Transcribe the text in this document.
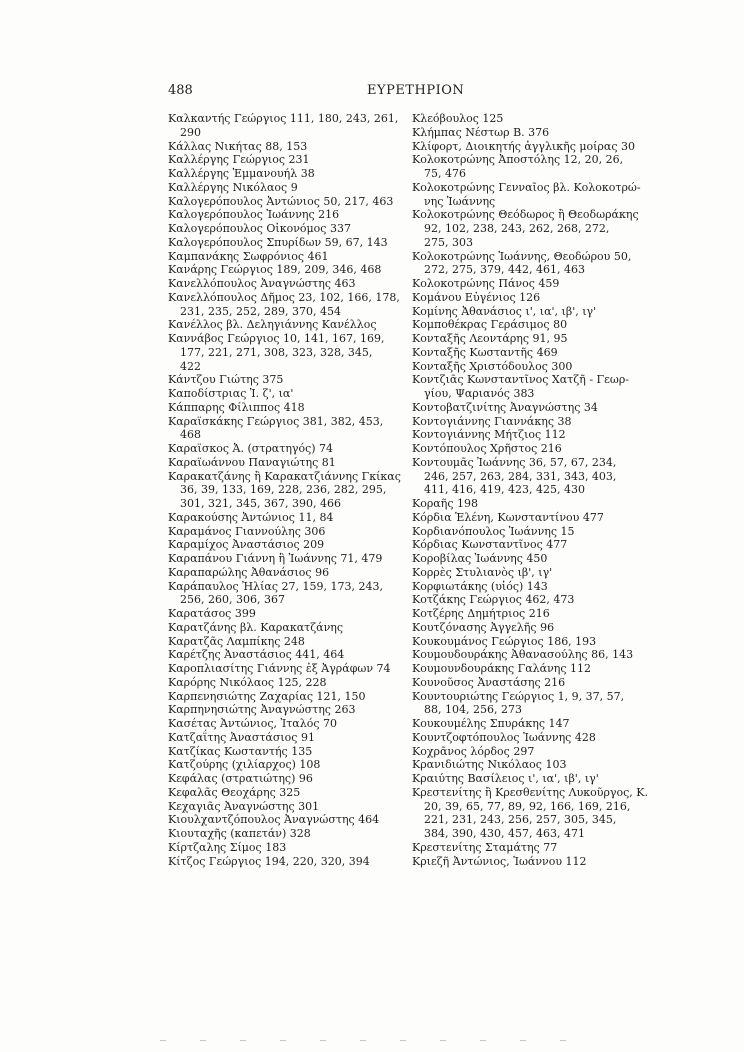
488	ΕΥΡΕΤΗΡΙΟΝ
Καλκαντής Γεώργιος 111, 180, 243, 261,
290
Κάλλας Νικήτας 88, 153
Καλλέργης Γεώργιος 231
Καλλέργης Ἐμμανουήλ 38
Καλλέργης Νικόλαος 9
Καλογερόπουλος Ἀντώνιος 50, 217, 463
Καλογερόπουλος Ἰωάννης 216
Καλογερόπουλος Οἰκονόμος 337
Καλογερόπουλος Σπυρίδων 59, 67, 143
Καμπανάκης Σωφρόνιος 461
Κανάρης Γεώργιος 189, 209, 346, 468
Κανελλόπουλος Ἀναγνώστης 463
Κανελλόπουλος Δῆμος 23, 102, 166, 178,
231, 235, 252, 289, 370, 454
Κανέλλος βλ. Δεληγιάννης Κανέλλος
Καννάβος Γεώργιος 10, 141, 167, 169,
177, 221, 271, 308, 323, 328, 345,
422
Κάντζου Γιώτης 375
Καποδίστριας Ἰ. ζ', ια'
Κάππαρης Φίλιππος 418
Καραϊσκάκης Γεώργιος 381, 382, 453,
468
Καραϊσκος Ἀ. (στρατηγός) 74
Καραϊωάννου Παναγιώτης 81
Καρακατζάνης ἢ Καρακατζιάννης Γκίκας
36, 39, 133, 169, 228, 236, 282, 295,
301, 321, 345, 367, 390, 466
Καρακούσης Ἀντώνιος 11, 84
Καραμάνος Γιαννούλης 306
Καραμίχος Ἀναστάσιος 209
Καραπάνου Γιάννη ἢ Ἰωάννης 71, 479
Καραπαρώλης Ἀθανάσιος 96
Καράπαυλος Ἠλίας 27, 159, 173, 243,
256, 260, 306, 367
Καρατάσος 399
Καρατζάνης βλ. Καρακατζάνης
Καρατζᾶς Λαμπίκης 248
Καρέτζης Ἀναστάσιος 441, 464
Καροπλιασίτης Γιάννης ἐξ Ἀγράφων 74
Καρόρης Νικόλαος 125, 228
Καρπενησιώτης Ζαχαρίας 121, 150
Καρπηνησιώτης Ἀναγνώστης 263
Κασέτας Ἀντώνιος, Ἰταλός 70
Κατζαΐτης Ἀναστάσιος 91
Κατζίκας Κωσταντής 135
Κατζούρης (χιλίαρχος) 108
Κεφάλας (στρατιώτης) 96
Κεφαλᾶς Θεοχάρης 325
Κεχαγιᾶς Ἀναγνώστης 301
Κιουλχαντζόπουλος Ἀναγνώστης 464
Κιουταχῆς (καπετάν) 328
Κίρτζαλης Σίμος 183
Κίτζος Γεώργιος 194, 220, 320, 394
Κλεόβουλος 125
Κλήμπας Νέστωρ Β. 376
Κλίφορτ, Διοικητής ἀγγλικῆς μοίρας 30
Κολοκοτρώνης Ἀποστόλης 12, 20, 26,
75, 476
Κολοκοτρώνης Γενναῖος βλ. Κολοκοτρώ-
νης Ἰωάννης
Κολοκοτρώνης Θεόδωρος ἢ Θεοδωράκης
92, 102, 238, 243, 262, 268, 272,
275, 303
Κολοκοτρώνης Ἰωάννης, Θεοδώρου 50,
272, 275, 379, 442, 461, 463
Κολοκοτρώνης Πάνος 459
Κομάνου Εὐγένιος 126
Κομίνης Ἀθανάσιος ι', ια', ιβ', ιγ'
Κομποθέκρας Γεράσιμος 80
Κονταξῆς Λεοντάρης 91, 95
Κονταξῆς Κωσταντῆς 469
Κονταξῆς Χριστόδουλος 300
Κοντζιᾶς Κωνσταντῖνος Χατζῆ - Γεωρ-
γίου, Ψαριανός 383
Κοντοβατζινίτης Ἀναγνώστης 34
Κοντογιάννης Γιαννάκης 38
Κοντογιάννης Μήτζιος 112
Κοντόπουλος Χρῆστος 216
Κοντουμᾶς Ἰωάννης 36, 57, 67, 234,
246, 257, 263, 284, 331, 343, 403,
411, 416, 419, 423, 425, 430
Κοραῆς 198
Κόρδια Ἑλένη, Κωνσταντίνου 477
Κορδιανόπουλος Ἰωάννης 15
Κόρδιας Κωνσταντῖνος 477
Κοροβίλας Ἰωάννης 450
Κορρὲς Στυλιανὸς ιβ', ιγ'
Κορφιωτάκης (υἱός) 143
Κοτζάκης Γεώργιος 462, 473
Κοτζέρης Δημήτριος 216
Κουτζόνασης Ἀγγελῆς 96
Κουκουμάνος Γεώργιος 186, 193
Κουμουδουράκης Ἀθανασούλης 86, 143
Κουμουνδουράκης Γαλάνης 112
Κουνοῦσος Ἀναστάσης 216
Κουντουριώτης Γεώργιος 1, 9, 37, 57,
88, 104, 256, 273
Κουκουμέλης Σπυράκης 147
Κουντζοφτόπουλος Ἰωάννης 428
Κοχρᾶνος λόρδος 297
Κρανιδιώτης Νικόλαος 103
Κραιύτης Βασίλειος ι', ια', ιβ', ιγ'
Κρεστενίτης ἢ Κρεσθενίτης Λυκοῦργος, Κ.
20, 39, 65, 77, 89, 92, 166, 169, 216,
221, 231, 243, 256, 257, 305, 345,
384, 390, 430, 457, 463, 471
Κρεστενίτης Σταμάτης 77
Κριεζῆ Ἀντώνιος, Ἰωάννου 112
